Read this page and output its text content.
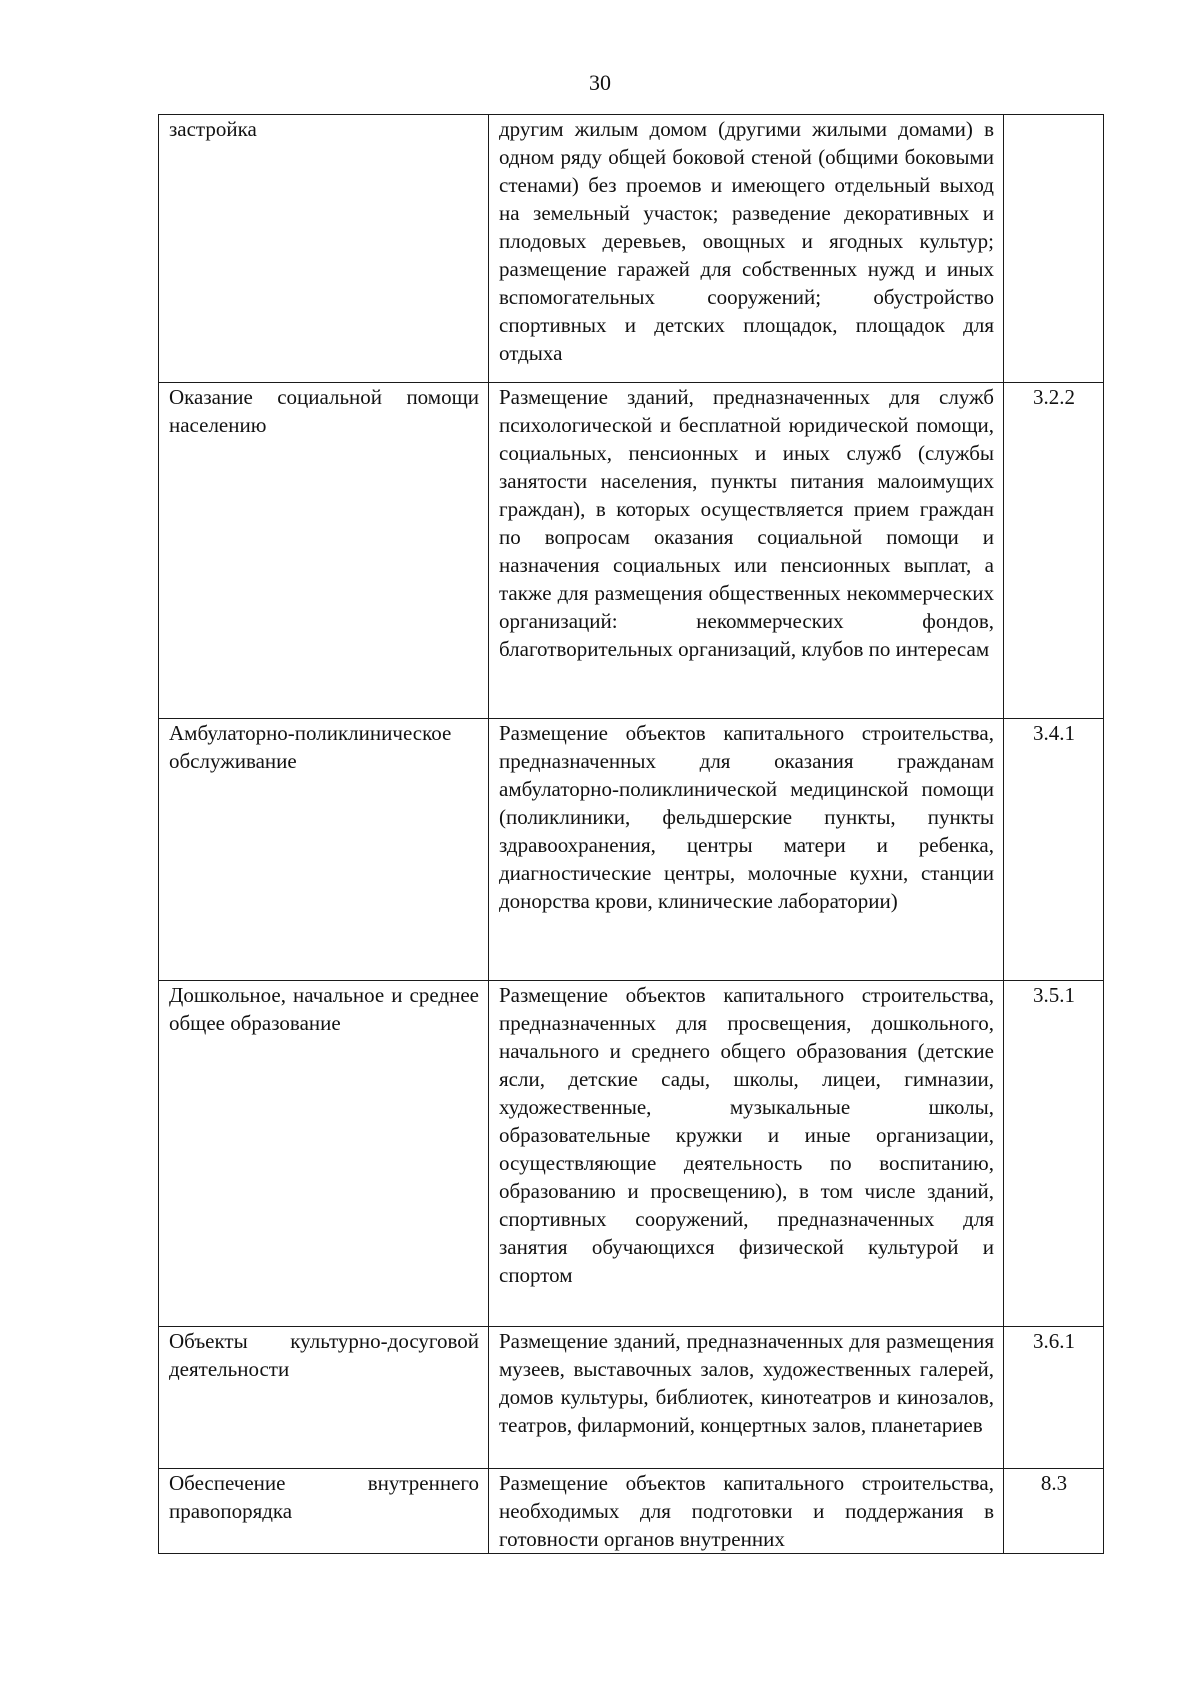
30
застройка	другим жилым домом (другими жилыми домами) в одном ряду общей боковой стеной (общими боковыми стенами) без проемов и имеющего отдельный выход на земельный участок; разведение декоративных и плодовых деревьев, овощных и ягодных культур; размещение гаражей для собственных нужд и иных вспомогательных сооружений; обустройство спортивных и детских площадок, площадок для отдыха	
Оказание социальной помощи населению	Размещение зданий, предназначенных для служб психологической и бесплатной юридической помощи, социальных, пенсионных и иных служб (службы занятости населения, пункты питания малоимущих граждан), в которых осуществляется прием граждан по вопросам оказания социальной помощи и назначения социальных или пенсионных выплат, а также для размещения общественных некоммерческих организаций: некоммерческих фондов, благотворительных организаций, клубов по интересам	3.2.2
Амбулаторно-поликлиническое обслуживание	Размещение объектов капитального строительства, предназначенных для оказания гражданам амбулаторно-поликлинической медицинской помощи (поликлиники, фельдшерские пункты, пункты здравоохранения, центры матери и ребенка, диагностические центры, молочные кухни, станции донорства крови, клинические лаборатории)	3.4.1
Дошкольное, начальное и среднее общее образование	Размещение объектов капитального строительства, предназначенных для просвещения, дошкольного, начального и среднего общего образования (детские ясли, детские сады, школы, лицеи, гимназии, художественные, музыкальные школы, образовательные кружки и иные организации, осуществляющие деятельность по воспитанию, образованию и просвещению), в том числе зданий, спортивных сооружений, предназначенных для занятия обучающихся физической культурой и спортом	3.5.1
Объекты культурно-досуговой деятельности	Размещение зданий, предназначенных для размещения музеев, выставочных залов, художественных галерей, домов культуры, библиотек, кинотеатров и кинозалов, театров, филармоний, концертных залов, планетариев	3.6.1
Обеспечение внутреннего правопорядка	Размещение объектов капитального строительства, необходимых для подготовки и поддержания в готовности органов внутренних	8.3
